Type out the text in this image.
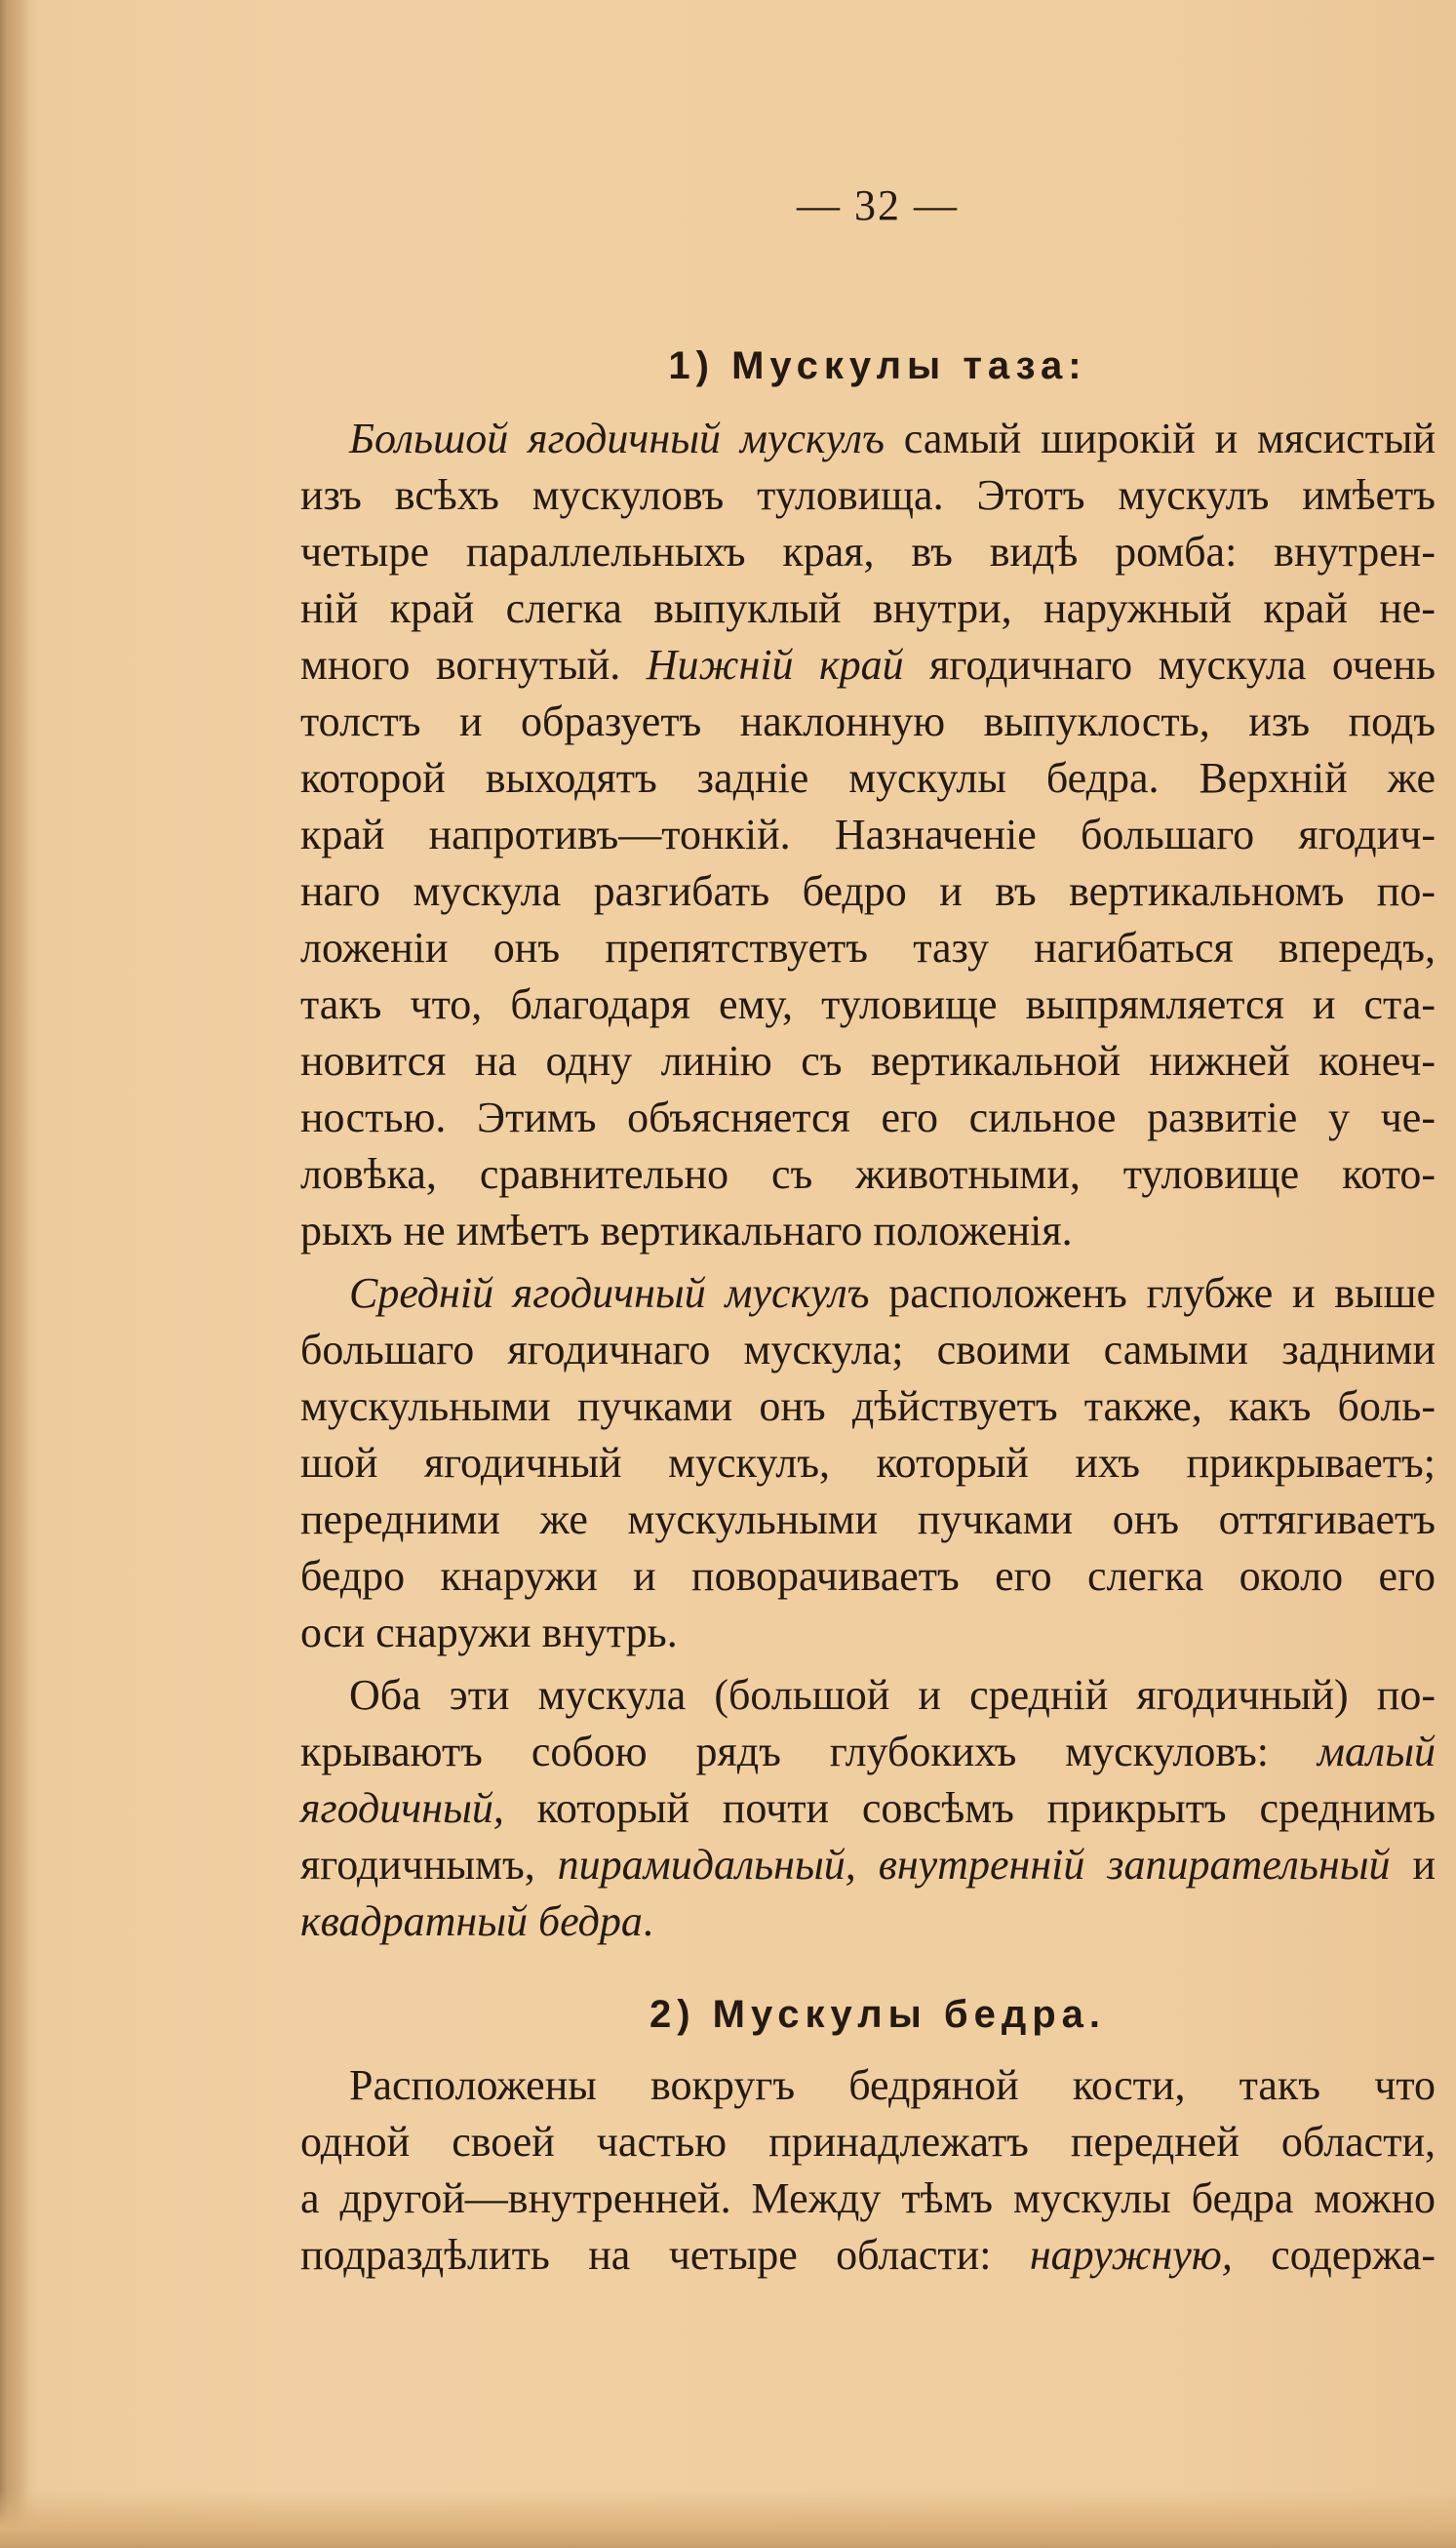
— 32 —
1) Мускулы таза:
Большой ягодичный мускулъ самый широкій и мясистый
изъ всѣхъ мускуловъ туловища. Этотъ мускулъ имѣетъ
четыре параллельныхъ края, въ видѣ ромба: внутрен-
ній край слегка выпуклый внутри, наружный край не-
много вогнутый. Нижній край ягодичнаго мускула очень
толстъ и образуетъ наклонную выпуклость, изъ подъ
которой выходятъ задніе мускулы бедра. Верхній же
край напротивъ—тонкій. Назначеніе большаго ягодич-
наго мускула разгибать бедро и въ вертикальномъ по-
ложеніи онъ препятствуетъ тазу нагибаться впередъ,
такъ что, благодаря ему, туловище выпрямляется и ста-
новится на одну линію съ вертикальной нижней конеч-
ностью. Этимъ объясняется его сильное развитіе у че-
ловѣка, сравнительно съ животными, туловище кото-
рыхъ не имѣетъ вертикальнаго положенія.
Средній ягодичный мускулъ расположенъ глубже и выше
большаго ягодичнаго мускула; своими самыми задними
мускульными пучками онъ дѣйствуетъ также, какъ боль-
шой ягодичный мускулъ, который ихъ прикрываетъ;
передними же мускульными пучками онъ оттягиваетъ
бедро кнаружи и поворачиваетъ его слегка около его
оси снаружи внутрь.
Оба эти мускула (большой и средній ягодичный) по-
крываютъ собою рядъ глубокихъ мускуловъ: малый
ягодичный, который почти совсѣмъ прикрытъ среднимъ
ягодичнымъ, пирамидальный, внутренній запирательный и
квадратный бедра.
Расположены вокругъ бедряной кости, такъ что
одной своей частью принадлежатъ передней области,
а другой—внутренней. Между тѣмъ мускулы бедра можно
подраздѣлить на четыре области: наружную, содержа-
2) Мускулы бедра.
